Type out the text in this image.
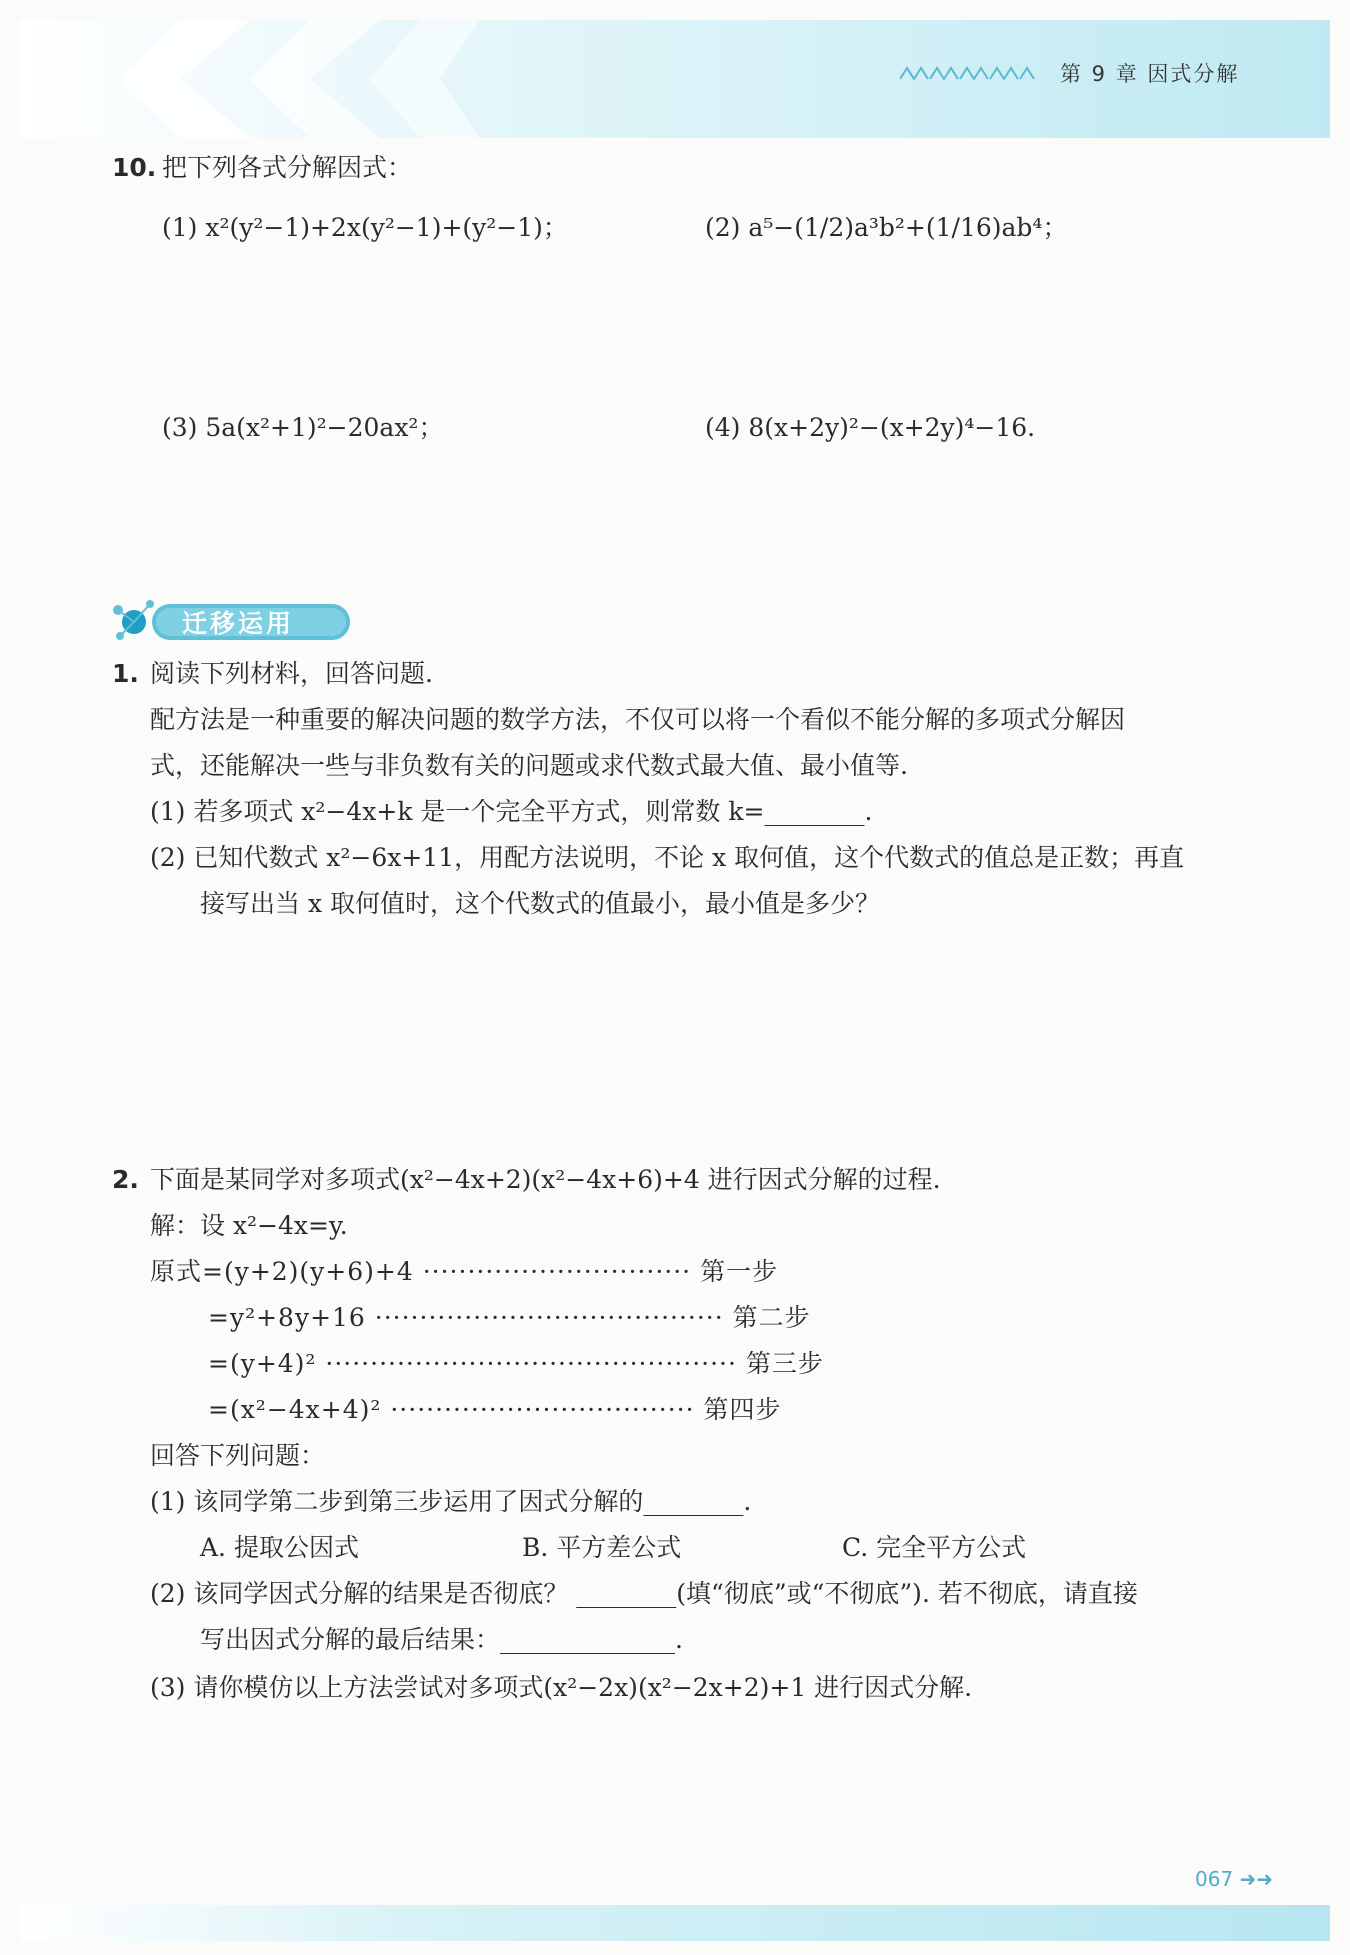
第 9 章 因式分解
10. 把下列各式分解因式：
(1) x²(y²−1)+2x(y²−1)+(y²−1)；	(2) a⁵−(1/2)a³b²+(1/16)ab⁴；
(3) 5a(x²+1)²−20ax²；	(4) 8(x+2y)²−(x+2y)⁴−16.
迁移运用
1. 阅读下列材料，回答问题.
配方法是一种重要的解决问题的数学方法，不仅可以将一个看似不能分解的多项式分解因
式，还能解决一些与非负数有关的问题或求代数式最大值、最小值等.
(1) 若多项式 x²−4x+k 是一个完全平方式，则常数 k=________.
(2) 已知代数式 x²−6x+11，用配方法说明，不论 x 取何值，这个代数式的值总是正数；再直
接写出当 x 取何值时，这个代数式的值最小，最小值是多少？
2. 下面是某同学对多项式(x²−4x+2)(x²−4x+6)+4 进行因式分解的过程.
解：设 x²−4x=y.
原式=(y+2)(y+6)+4 ······························ 第一步
=y²+8y+16 ······································· 第二步
=(y+4)² ·············································· 第三步
=(x²−4x+4)² ·································· 第四步
回答下列问题：
(1) 该同学第二步到第三步运用了因式分解的________.
A. 提取公因式	B. 平方差公式	C. 完全平方公式
(2) 该同学因式分解的结果是否彻底？ ________(填“彻底”或“不彻底”). 若不彻底，请直接
写出因式分解的最后结果：______________.
(3) 请你模仿以上方法尝试对多项式(x²−2x)(x²−2x+2)+1 进行因式分解.
067 ➜➜
